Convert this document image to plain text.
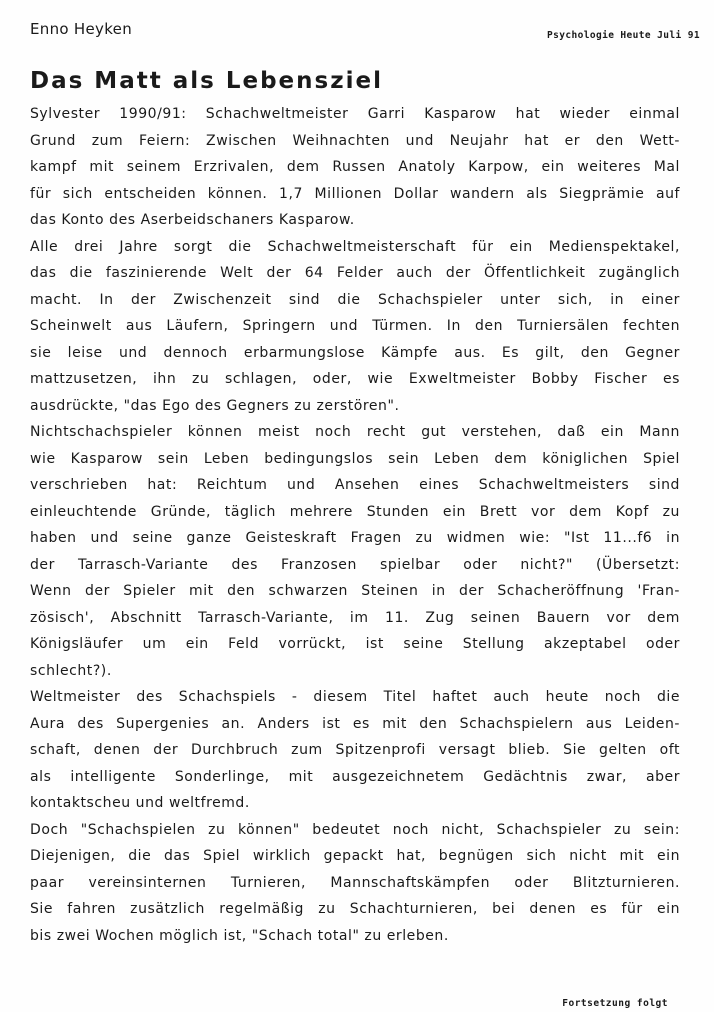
Enno Heyken	Psychologie Heute Juli 91
Das Matt als Lebensziel

Sylvester 1990/91: Schachweltmeister Garri Kasparow hat wieder einmal
Grund zum Feiern: Zwischen Weihnachten und Neujahr hat er den Wett-
kampf mit seinem Erzrivalen, dem Russen Anatoly Karpow, ein weiteres Mal
für sich entscheiden können. 1,7 Millionen Dollar wandern als Siegprämie auf
das Konto des Aserbeidschaners Kasparow.

Alle drei Jahre sorgt die Schachweltmeisterschaft für ein Medienspektakel,
das die faszinierende Welt der 64 Felder auch der Öffentlichkeit zugänglich
macht. In der Zwischenzeit sind die Schachspieler unter sich, in einer
Scheinwelt aus Läufern, Springern und Türmen. In den Turniersälen fechten
sie leise und dennoch erbarmungslose Kämpfe aus. Es gilt, den Gegner
mattzusetzen, ihn zu schlagen, oder, wie Exweltmeister Bobby Fischer es
ausdrückte, "das Ego des Gegners zu zerstören".

Nichtschachspieler können meist noch recht gut verstehen, daß ein Mann
wie Kasparow sein Leben bedingungslos sein Leben dem königlichen Spiel
verschrieben hat: Reichtum und Ansehen eines Schachweltmeisters sind
einleuchtende Gründe, täglich mehrere Stunden ein Brett vor dem Kopf zu
haben und seine ganze Geisteskraft Fragen zu widmen wie: "Ist 11...f6 in
der Tarrasch-Variante des Franzosen spielbar oder nicht?" (Übersetzt:
Wenn der Spieler mit den schwarzen Steinen in der Schacheröffnung 'Fran-
zösisch', Abschnitt Tarrasch-Variante, im 11. Zug seinen Bauern vor dem
Königsläufer um ein Feld vorrückt, ist seine Stellung akzeptabel oder
schlecht?).

Weltmeister des Schachspiels - diesem Titel haftet auch heute noch die
Aura des Supergenies an. Anders ist es mit den Schachspielern aus Leiden-
schaft, denen der Durchbruch zum Spitzenprofi versagt blieb. Sie gelten oft
als intelligente Sonderlinge, mit ausgezeichnetem Gedächtnis zwar, aber
kontaktscheu und weltfremd.

Doch "Schachspielen zu können" bedeutet noch nicht, Schachspieler zu sein:
Diejenigen, die das Spiel wirklich gepackt hat, begnügen sich nicht mit ein
paar vereinsinternen Turnieren, Mannschaftskämpfen oder Blitzturnieren.
Sie fahren zusätzlich regelmäßig zu Schachturnieren, bei denen es für ein
bis zwei Wochen möglich ist, "Schach total" zu erleben.

Fortsetzung folgt
